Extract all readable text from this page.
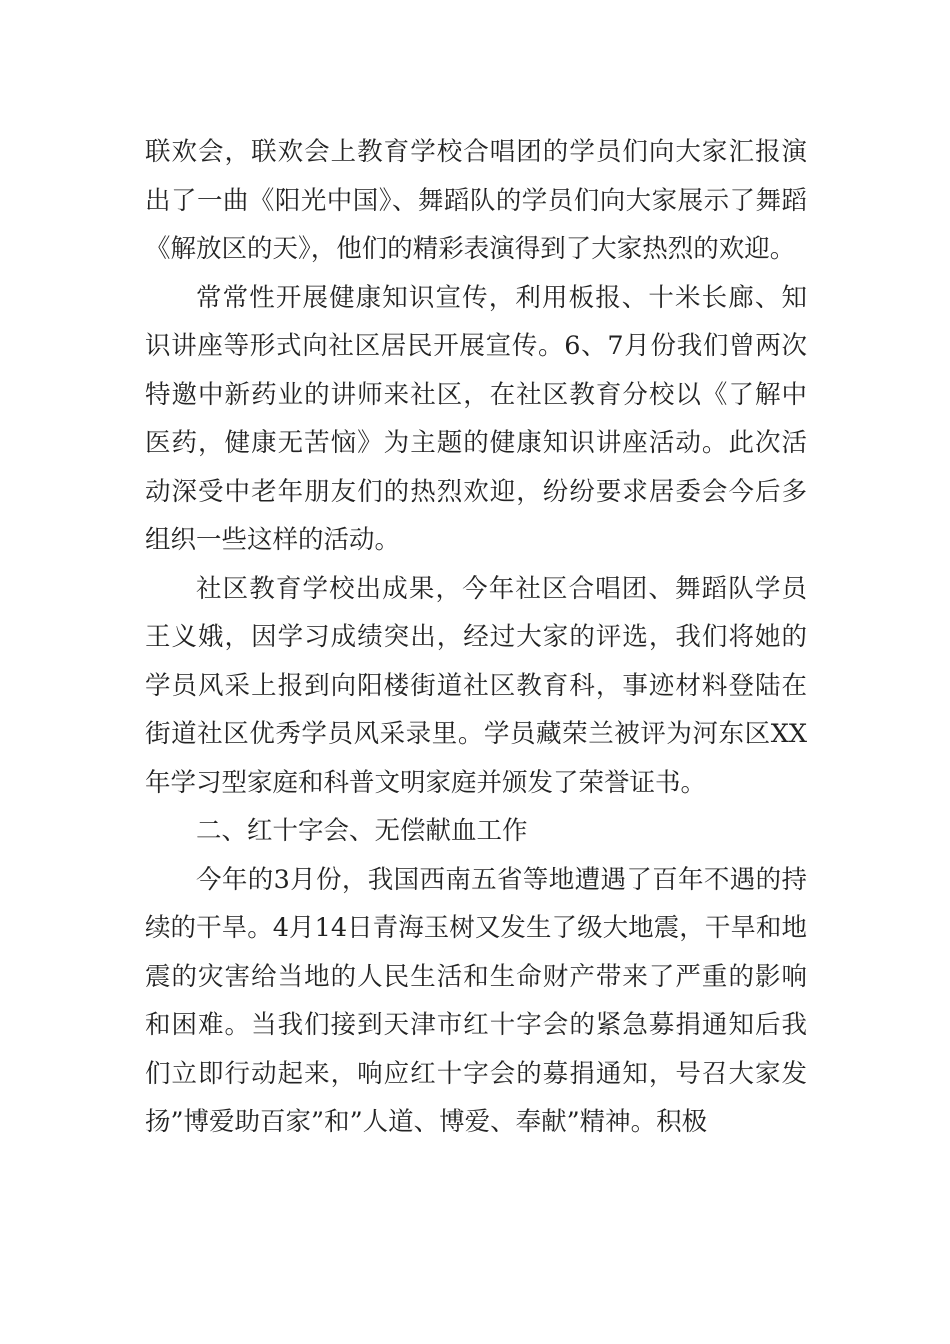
联欢会，联欢会上教育学校合唱团的学员们向大家汇报演出了一曲《阳光中国》、舞蹈队的学员们向大家展示了舞蹈《解放区的天》，他们的精彩表演得到了大家热烈的欢迎。

常常性开展健康知识宣传，利用板报、十米长廊、知识讲座等形式向社区居民开展宣传。6、7月份我们曾两次特邀中新药业的讲师来社区，在社区教育分校以《了解中医药，健康无苦恼》为主题的健康知识讲座活动。此次活动深受中老年朋友们的热烈欢迎，纷纷要求居委会今后多组织一些这样的活动。

社区教育学校出成果，今年社区合唱团、舞蹈队学员王义娥，因学习成绩突出，经过大家的评选，我们将她的学员风采上报到向阳楼街道社区教育科，事迹材料登陆在街道社区优秀学员风采录里。学员藏荣兰被评为河东区XX年学习型家庭和科普文明家庭并颁发了荣誉证书。

二、红十字会、无偿献血工作

今年的3月份，我国西南五省等地遭遇了百年不遇的持续的干旱。4月14日青海玉树又发生了级大地震，干旱和地震的灾害给当地的人民生活和生命财产带来了严重的影响和困难。当我们接到天津市红十字会的紧急募捐通知后我们立即行动起来，响应红十字会的募捐通知，号召大家发扬”博爱助百家”和”人道、博爱、奉献”精神。积极
